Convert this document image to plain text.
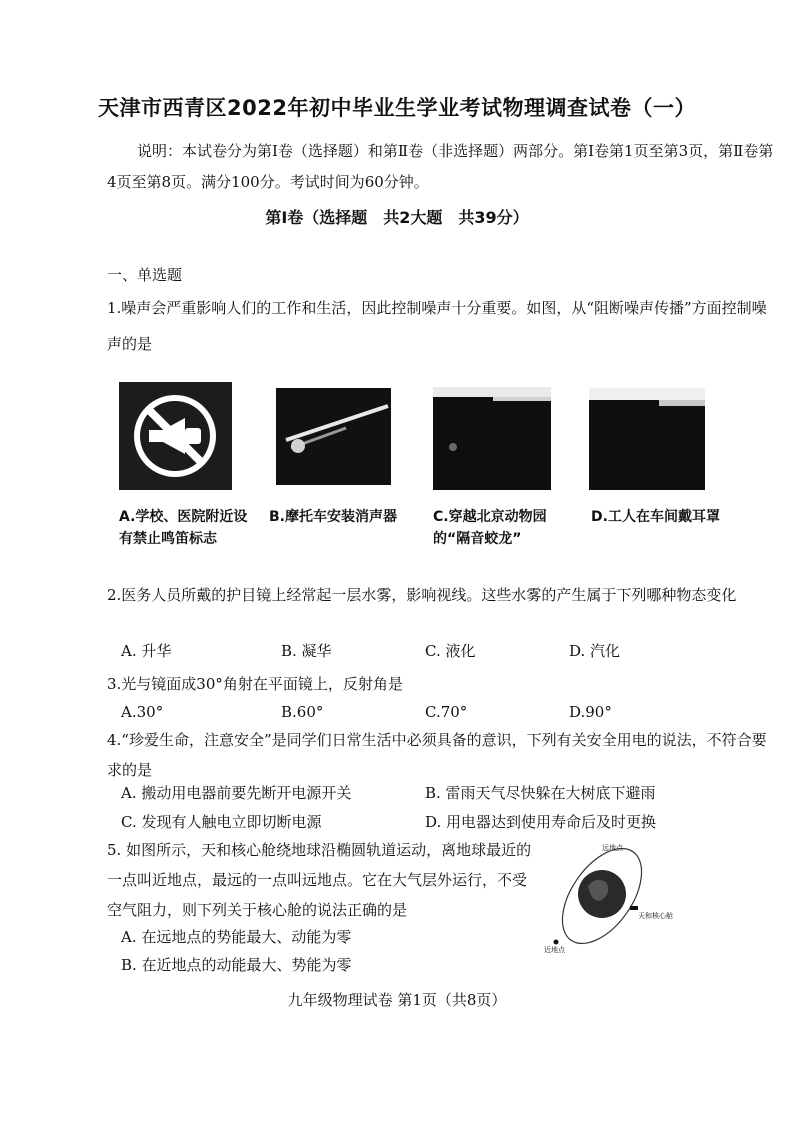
天津市西青区2022年初中毕业生学业考试物理调查试卷（一）
说明：本试卷分为第Ⅰ卷（选择题）和第Ⅱ卷（非选择题）两部分。第Ⅰ卷第1页至第3页，第Ⅱ卷第4页至第8页。满分100分。考试时间为60分钟。
第Ⅰ卷（选择题　共2大题　共39分）
一、单选题
1.噪声会严重影响人们的工作和生活，因此控制噪声十分重要。如图，从“阻断噪声传播”方面控制噪声的是
A.学校、医院附近设有禁止鸣笛标志
B.摩托车安装消声器	C.穿越北京动物园的“隔音蛟龙”
D.工人在车间戴耳罩
2.医务人员所戴的护目镜上经常起一层水雾，影响视线。这些水雾的产生属于下列哪种物态变化
A. 升华	B. 凝华	C. 液化	D. 汽化
3.光与镜面成30°角射在平面镜上，反射角是
A.30°	B.60°	C.70°	D.90°
4.“珍爱生命，注意安全”是同学们日常生活中必须具备的意识，下列有关安全用电的说法，不符合要求的是
A. 搬动用电器前要先断开电源开关	B. 雷雨天气尽快躲在大树底下避雨
C. 发现有人触电立即切断电源	D. 用电器达到使用寿命后及时更换
5. 如图所示，天和核心舱绕地球沿椭圆轨道运动，离地球最近的一点叫近地点，最远的一点叫远地点。它在大气层外运行，不受空气阻力，则下列关于核心舱的说法正确的是
远地点
天和核心舱
近地点
A. 在远地点的势能最大、动能为零
B. 在近地点的动能最大、势能为零
九年级物理试卷 第1页（共8页）
